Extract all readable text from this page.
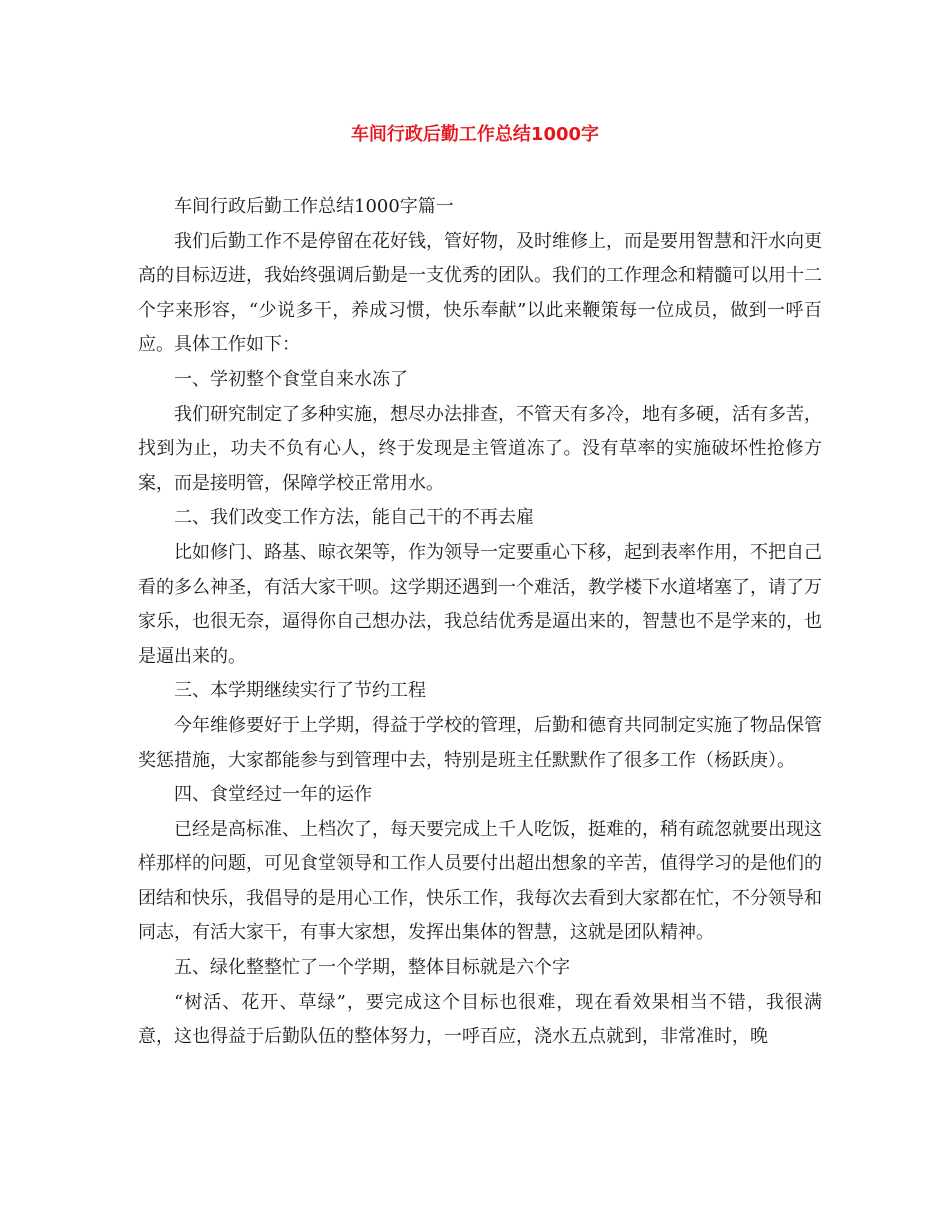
车间行政后勤工作总结1000字

车间行政后勤工作总结1000字篇一

我们后勤工作不是停留在花好钱，管好物，及时维修上，而是要用智慧和汗水向更高的目标迈进，我始终强调后勤是一支优秀的团队。我们的工作理念和精髓可以用十二个字来形容，“少说多干，养成习惯，快乐奉献”以此来鞭策每一位成员，做到一呼百应。具体工作如下：

一、学初整个食堂自来水冻了

我们研究制定了多种实施，想尽办法排查，不管天有多冷，地有多硬，活有多苦，找到为止，功夫不负有心人，终于发现是主管道冻了。没有草率的实施破坏性抢修方案，而是接明管，保障学校正常用水。

二、我们改变工作方法，能自己干的不再去雇

比如修门、路基、晾衣架等，作为领导一定要重心下移，起到表率作用，不把自己看的多么神圣，有活大家干呗。这学期还遇到一个难活，教学楼下水道堵塞了，请了万家乐，也很无奈，逼得你自己想办法，我总结优秀是逼出来的，智慧也不是学来的，也是逼出来的。

三、本学期继续实行了节约工程

今年维修要好于上学期，得益于学校的管理，后勤和德育共同制定实施了物品保管奖惩措施，大家都能参与到管理中去，特别是班主任默默作了很多工作（杨跃庚）。

四、食堂经过一年的运作

已经是高标准、上档次了，每天要完成上千人吃饭，挺难的，稍有疏忽就要出现这样那样的问题，可见食堂领导和工作人员要付出超出想象的辛苦，值得学习的是他们的团结和快乐，我倡导的是用心工作，快乐工作，我每次去看到大家都在忙，不分领导和同志，有活大家干，有事大家想，发挥出集体的智慧，这就是团队精神。

五、绿化整整忙了一个学期，整体目标就是六个字

“树活、花开、草绿”，要完成这个目标也很难，现在看效果相当不错，我很满意，这也得益于后勤队伍的整体努力，一呼百应，浇水五点就到，非常准时，晚
